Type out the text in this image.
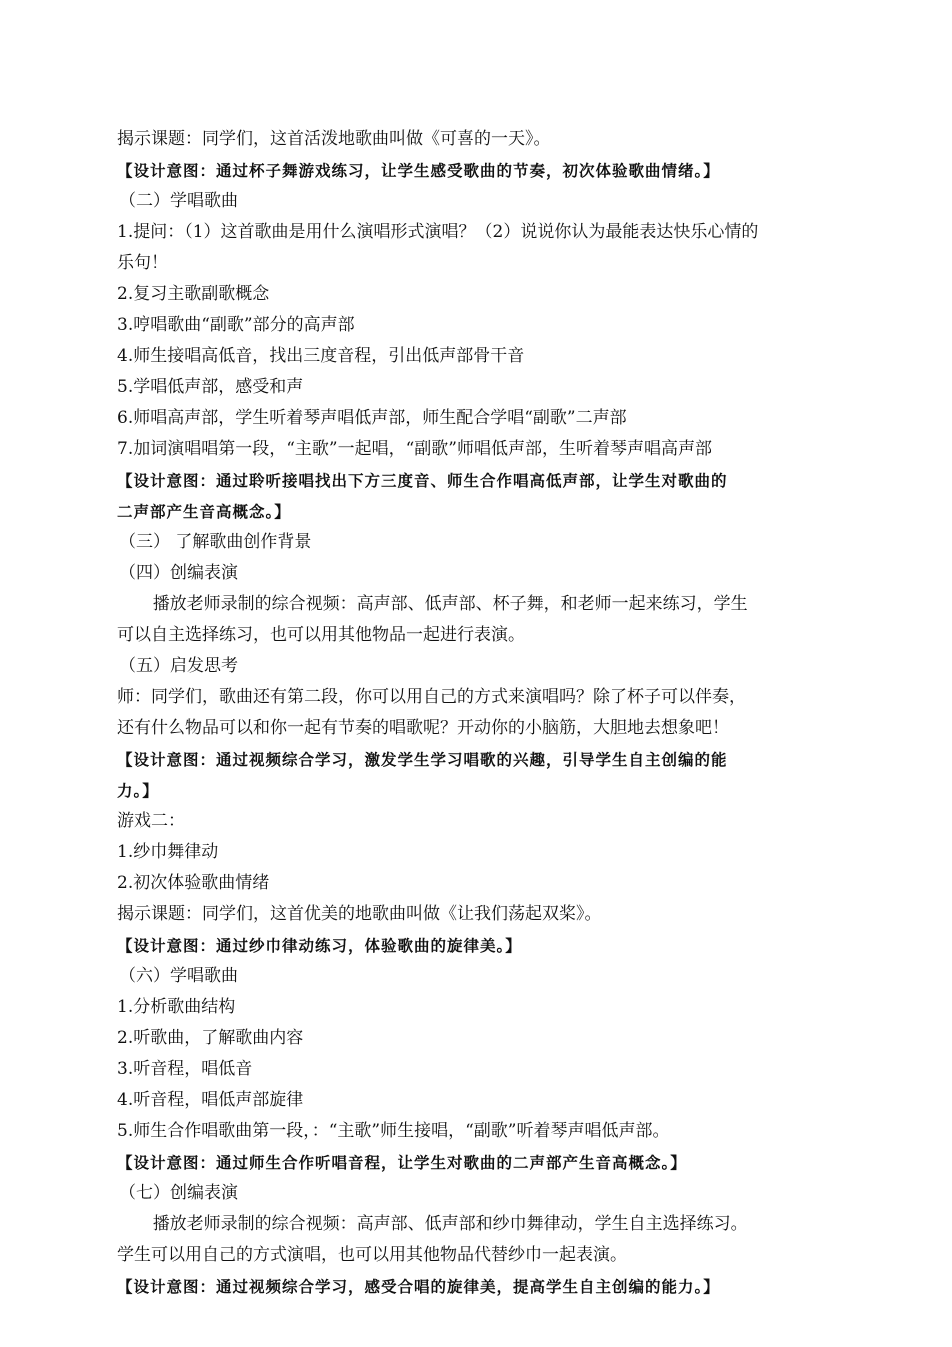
揭示课题：同学们，这首活泼地歌曲叫做《可喜的一天》。
【设计意图：通过杯子舞游戏练习，让学生感受歌曲的节奏，初次体验歌曲情绪。】
（二）学唱歌曲
1.提问：（1）这首歌曲是用什么演唱形式演唱？（2）说说你认为最能表达快乐心情的
乐句！
2.复习主歌副歌概念
3.哼唱歌曲“副歌”部分的高声部
4.师生接唱高低音，找出三度音程，引出低声部骨干音
5.学唱低声部，感受和声
6.师唱高声部，学生听着琴声唱低声部，师生配合学唱“副歌”二声部
7.加词演唱唱第一段，“主歌”一起唱，“副歌”师唱低声部，生听着琴声唱高声部
【设计意图：通过聆听接唱找出下方三度音、师生合作唱高低声部，让学生对歌曲的
二声部产生音高概念。】
（三） 了解歌曲创作背景
（四）创编表演
播放老师录制的综合视频：高声部、低声部、杯子舞，和老师一起来练习，学生
可以自主选择练习，也可以用其他物品一起进行表演。
（五）启发思考
师：同学们，歌曲还有第二段，你可以用自己的方式来演唱吗？除了杯子可以伴奏，
还有什么物品可以和你一起有节奏的唱歌呢？开动你的小脑筋，大胆地去想象吧！
【设计意图：通过视频综合学习，激发学生学习唱歌的兴趣，引导学生自主创编的能
力。】
游戏二：
1.纱巾舞律动
2.初次体验歌曲情绪
揭示课题：同学们，这首优美的地歌曲叫做《让我们荡起双桨》。
【设计意图：通过纱巾律动练习，体验歌曲的旋律美。】
（六）学唱歌曲
1.分析歌曲结构
2.听歌曲，了解歌曲内容
3.听音程，唱低音
4.听音程，唱低声部旋律
5.师生合作唱歌曲第一段，：“主歌”师生接唱，“副歌”听着琴声唱低声部。
【设计意图：通过师生合作听唱音程，让学生对歌曲的二声部产生音高概念。】
（七）创编表演
播放老师录制的综合视频：高声部、低声部和纱巾舞律动，学生自主选择练习。
学生可以用自己的方式演唱，也可以用其他物品代替纱巾一起表演。
【设计意图：通过视频综合学习，感受合唱的旋律美，提高学生自主创编的能力。】
